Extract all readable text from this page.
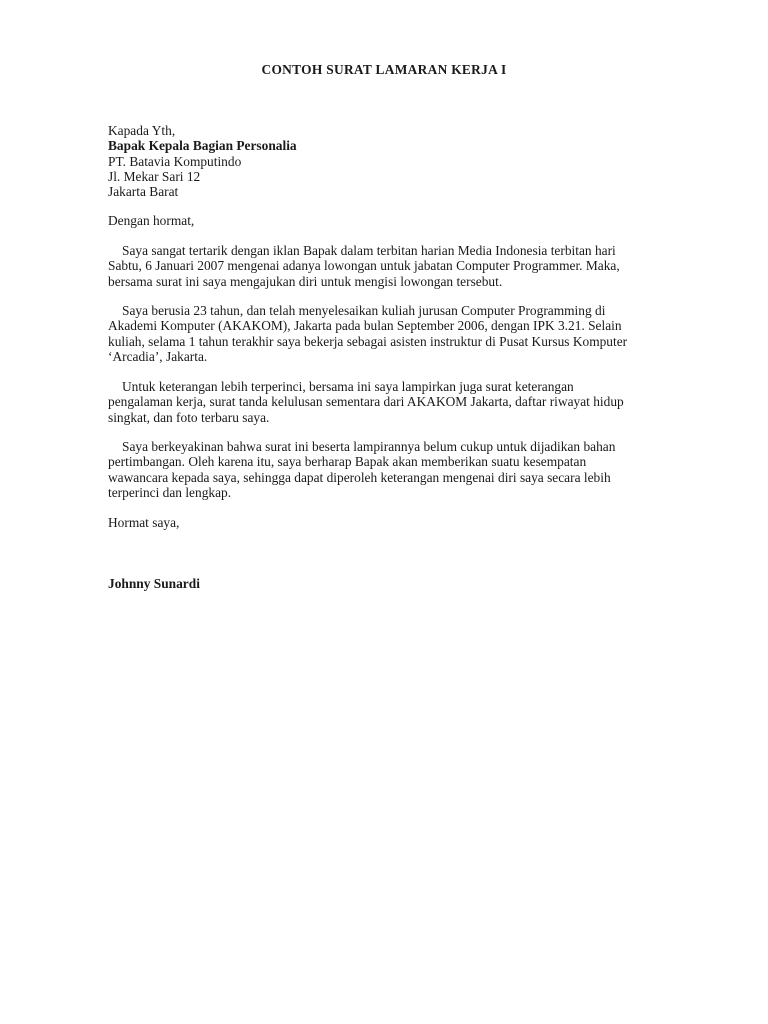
CONTOH SURAT LAMARAN KERJA I
Kapada Yth,
Bapak Kepala Bagian Personalia
PT. Batavia Komputindo
Jl. Mekar Sari 12
Jakarta Barat
Dengan hormat,
Saya sangat tertarik dengan iklan Bapak dalam terbitan harian Media Indonesia terbitan hari
Sabtu, 6 Januari 2007 mengenai adanya lowongan untuk jabatan Computer Programmer. Maka,
bersama surat ini saya mengajukan diri untuk mengisi lowongan tersebut.
Saya berusia 23 tahun, dan telah menyelesaikan kuliah jurusan Computer Programming di
Akademi Komputer (AKAKOM), Jakarta pada bulan September 2006, dengan IPK 3.21. Selain
kuliah, selama 1 tahun terakhir saya bekerja sebagai asisten instruktur di Pusat Kursus Komputer
‘Arcadia’, Jakarta.
Untuk keterangan lebih terperinci, bersama ini saya lampirkan juga surat keterangan
pengalaman kerja, surat tanda kelulusan sementara dari AKAKOM Jakarta, daftar riwayat hidup
singkat, dan foto terbaru saya.
Saya berkeyakinan bahwa surat ini beserta lampirannya belum cukup untuk dijadikan bahan
pertimbangan. Oleh karena itu, saya berharap Bapak akan memberikan suatu kesempatan
wawancara kepada saya, sehingga dapat diperoleh keterangan mengenai diri saya secara lebih
terperinci dan lengkap.
Hormat saya,
Johnny Sunardi
